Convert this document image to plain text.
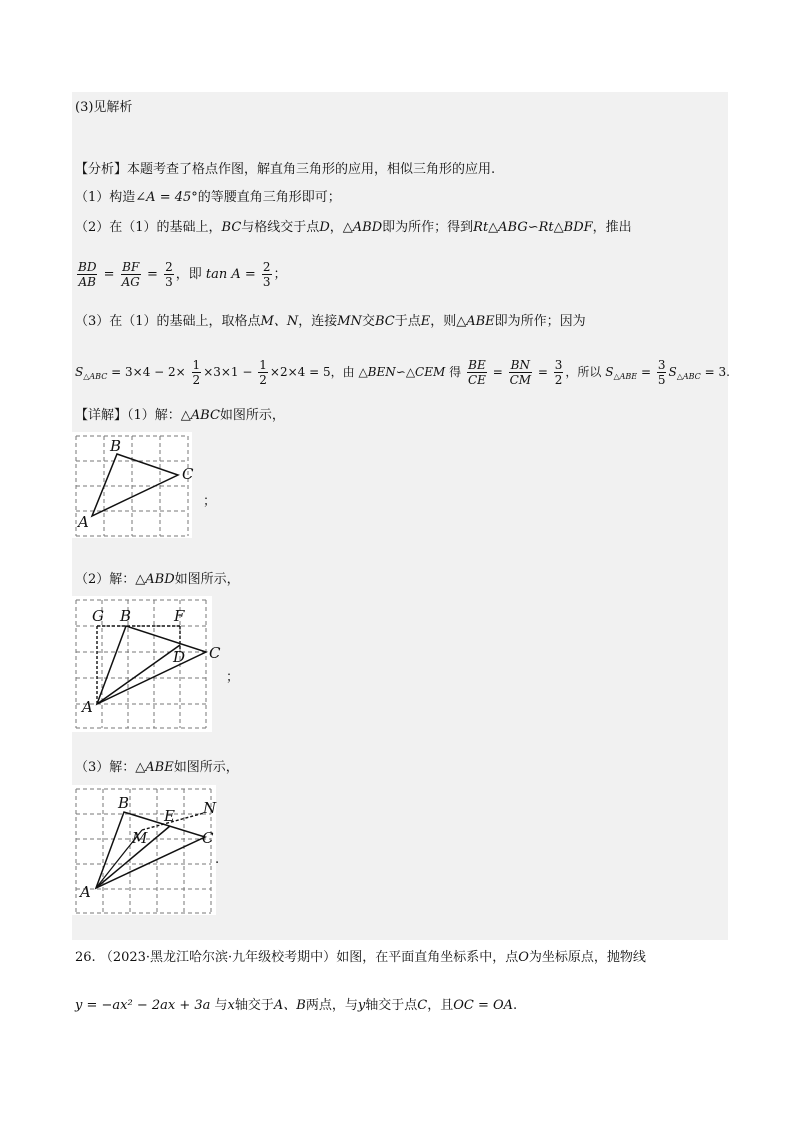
(3)见解析
【分析】本题考查了格点作图，解直角三角形的应用，相似三角形的应用.
（1）构造∠A = 45°的等腰直角三角形即可；
（2）在（1）的基础上，BC与格线交于点D，△ABD即为所作；得到Rt△ABG∽Rt△BDF，推出
$\frac{BD}{AB} = \frac{BF}{AG} = \frac{2}{3}$ ，即 $\tan A = \frac{2}{3}$ ；
（3）在（1）的基础上，取格点M、N，连接MN交BC于点E，则△ABE即为所作；因为
$S_{\triangle ABC} = 3\times 4 - 2\times \frac{1}{2} \times 3\times 1 - \frac{1}{2} \times 2\times 4 = 5$，由 △BEN∽△CEM 得 $\frac{BE}{CE} = \frac{BN}{CM} = \frac{3}{2}$ ，所以 $S_{\triangle ABE} = \frac{3}{5} S_{\triangle ABC} = 3$.
【详解】（1）解：△ABC如图所示，
A
B
C
；
（2）解：△ABD如图所示，
A
B
C
D
F
G
；
（3）解：△ABE如图所示，
A
B
C
E
M
N
.
26. （2023·黑龙江哈尔滨·九年级校考期中）如图，在平面直角坐标系中，点O为坐标原点，抛物线
y = −ax² − 2ax + 3a 与x轴交于A、B两点，与y轴交于点C，且OC = OA.
